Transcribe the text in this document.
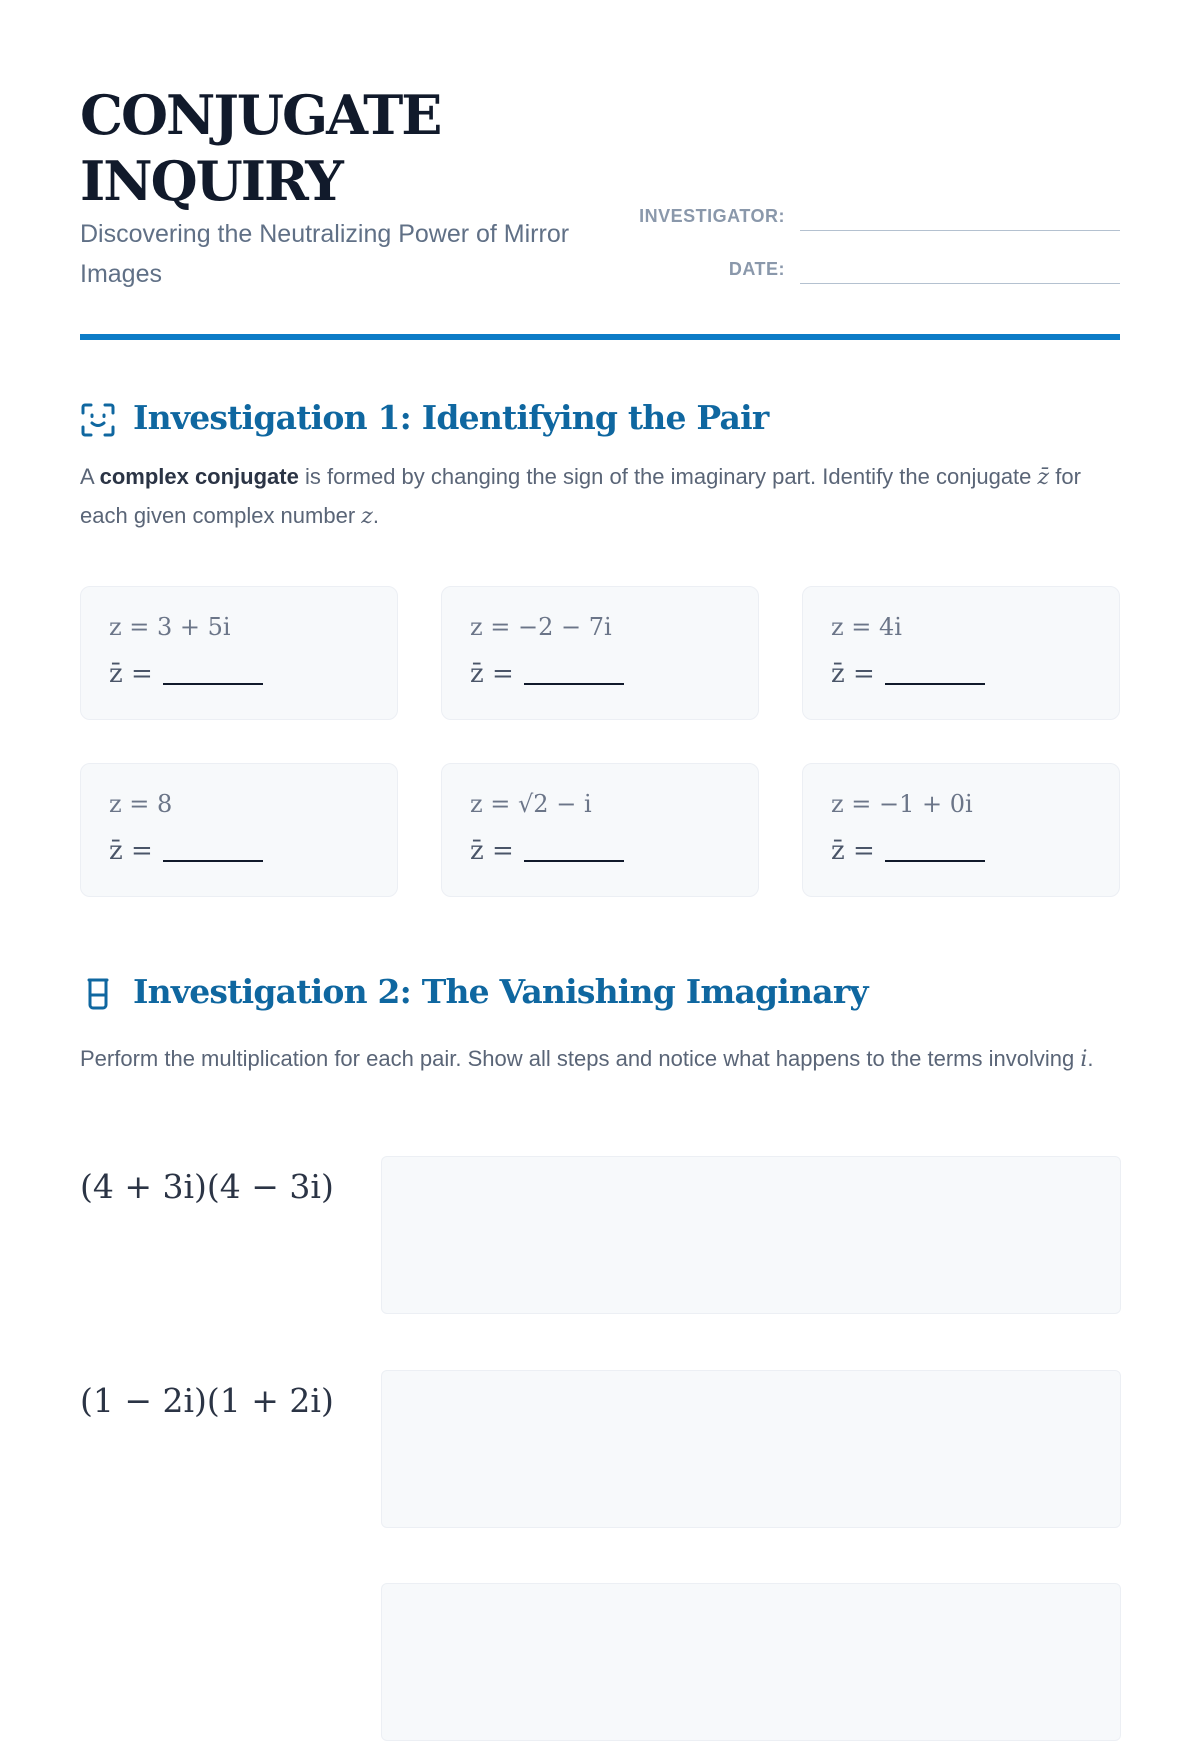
CONJUGATE
INQUIRY

Discovering the Neutralizing Power of Mirror Images

INVESTIGATOR:
DATE:
Investigation 1: Identifying the Pair

A complex conjugate is formed by changing the sign of the imaginary part. Identify the conjugate z̄ for each given complex number z.

z = 3 + 5i
z̄ =
z = −2 − 7i
z̄ =
z = 4i
z̄ =
z = 8
z̄ =
z = √2 − i
z̄ =
z = −1 + 0i
z̄ =
Investigation 2: The Vanishing Imaginary

Perform the multiplication for each pair. Show all steps and notice what happens to the terms involving i.

(4 + 3i)(4 − 3i)
(1 − 2i)(1 + 2i)
